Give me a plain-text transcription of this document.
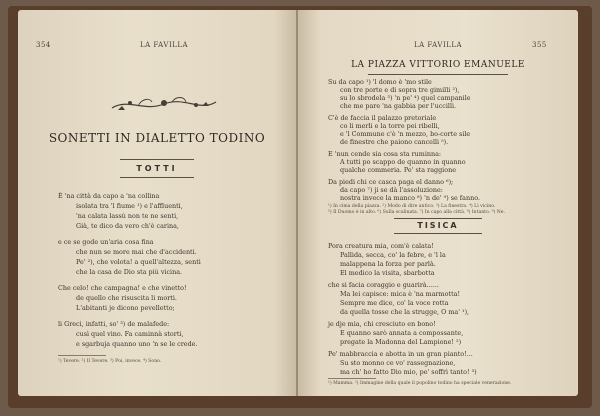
354	LA FAVILLA
SONETTI IN DIALETTO TODINO
TOTTI
È 'na città da capo a 'na collina
isolata tra 'l fiume ¹) e l'affluenti,
'na calata lassù non te ne senti,
Già, te dico da vero ch'è carina,
e ce se gode un'aria cosa fina
che nun se more mai che d'accidenti.
Pe' ²), che volota! a quell'altezza, senti
che la casa de Dio sta più vicina.
Che celo! che campagna! e che vinetto!
de quello che risuscita li morti.
L'abitanti je dicono pevelletto;
li Greci, infatti, so' ³) de malafede:
cusì quel vino. Fa caminnà storti,
e sgarbuja quanno uno 'n se le crede.
¹) Tevere. ²) Il Tevere. ³) Poi, invece. ⁴) Sono.
LA FAVILLA	355
LA PIAZZA VITTORIO EMANUELE
Su da capo ¹) 'l domo è 'mo stile
con tre porte e di sopra tre gimilli ²),
su lo sbrodela ³) 'n pe' ⁴) quel campanile
che me pare 'na gabbia per l'uccilli.
C'è de faccia il palazzo pretoriale
co li merli e la torre pei ribelli,
e 'l Commune c'è 'n mezzo, bo-corte sile
de finestre che paiono cancelli ⁵).
E 'nun cende sia cosa sta ruminna:
A tutti po scappo de quanno in quanno
qualche commeria. Pe' sta raggione
Da piedi chi ce casca paga el danno ⁶);
da capo ⁷) ji se dà l'assoluzione:
nostra invece la manco ⁸) 'n de' ⁹) se fanno.
¹) In cima della piazza. ²) Modo di dire antico. ³) La finestra. ⁴) Lì vicino.
⁵) Il Duomo è in alto. ⁶) Sulla scalinata. ⁷) In capo alla città. ⁸) Intanto. ⁹) Ne.
TISICA
Pora creatura mia, com'è calata!
Pallida, secca, co' la febre, e 'l la
malappena la forza per parlà.
El medico la visita, sbarbotta
che si facia coraggio e guarirà......
Ma lei capisce: mica è 'na marmotta!
Sempre me dice, co' la voce rotta
da quella tosse che la strugge, O ma' ¹),
je dje mia, chi cresciuto en bono!
E quanno sarò annata a compossante,
pregate la Madonna del Lampione! ²)
Pe' mabbraccia e abotta in un gran pianto!...
Su sto monno ce vo' rassegnazione,
ma ch' ho fatto Dio mio, pe' soffrì tanto! ³)
¹) Mamma. ²) Immagine della quale il popolino todino ha speciale venerazione.
